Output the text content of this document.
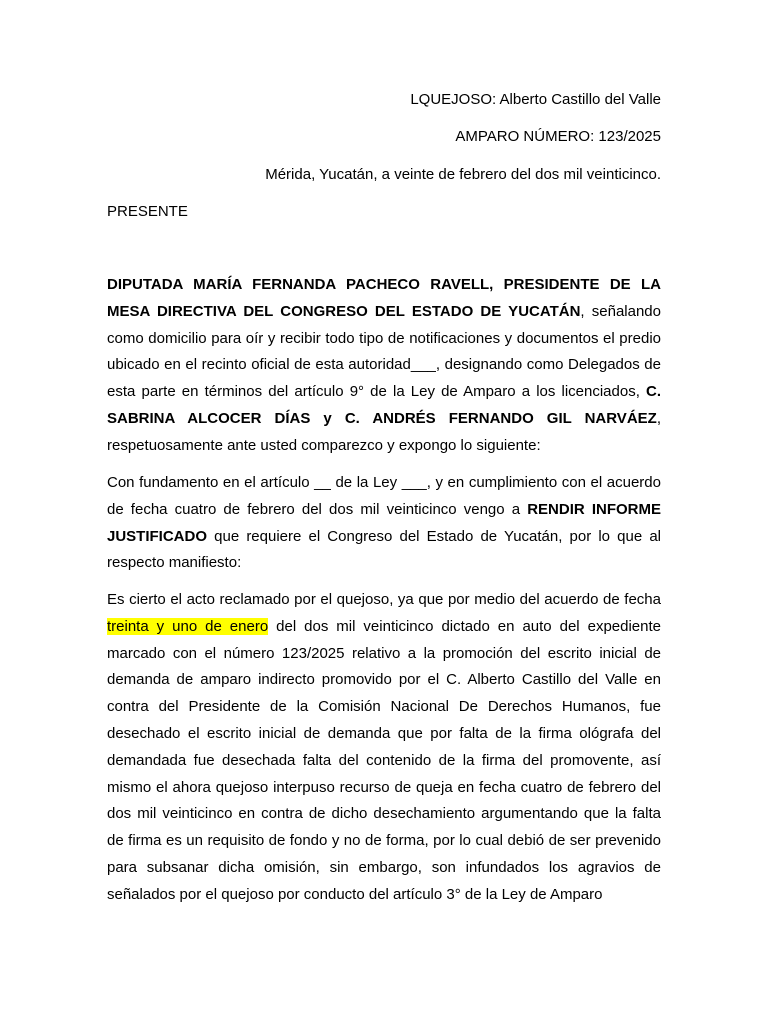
LQUEJOSO: Alberto Castillo del Valle
AMPARO NÚMERO: 123/2025
Mérida, Yucatán, a veinte de febrero del dos mil veinticinco.
PRESENTE
DIPUTADA MARÍA FERNANDA PACHECO RAVELL, PRESIDENTE DE LA MESA DIRECTIVA DEL CONGRESO DEL ESTADO DE YUCATÁN, señalando como domicilio para oír y recibir todo tipo de notificaciones y documentos el predio ubicado en el recinto oficial de esta autoridad___, designando como Delegados de esta parte en términos del artículo 9° de la Ley de Amparo a los licenciados, C. SABRINA ALCOCER DÍAS y C. ANDRÉS FERNANDO GIL NARVÁEZ, respetuosamente ante usted comparezco y expongo lo siguiente:
Con fundamento en el artículo __ de la Ley ___, y en cumplimiento con el acuerdo de fecha cuatro de febrero del dos mil veinticinco vengo a RENDIR INFORME JUSTIFICADO que requiere el Congreso del Estado de Yucatán, por lo que al respecto manifiesto:
Es cierto el acto reclamado por el quejoso, ya que por medio del acuerdo de fecha treinta y uno de enero del dos mil veinticinco dictado en auto del expediente marcado con el número 123/2025 relativo a la promoción del escrito inicial de demanda de amparo indirecto promovido por el C. Alberto Castillo del Valle en contra del Presidente de la Comisión Nacional De Derechos Humanos, fue desechado el escrito inicial de demanda que por falta de la firma ológrafa del demandada fue desechada falta del contenido de la firma del promovente, así mismo el ahora quejoso interpuso recurso de queja en fecha cuatro de febrero del dos mil veinticinco en contra de dicho desechamiento argumentando que la falta de firma es un requisito de fondo y no de forma, por lo cual debió de ser prevenido para subsanar dicha omisión, sin embargo, son infundados los agravios de señalados por el quejoso por conducto del artículo 3° de la Ley de Amparo
